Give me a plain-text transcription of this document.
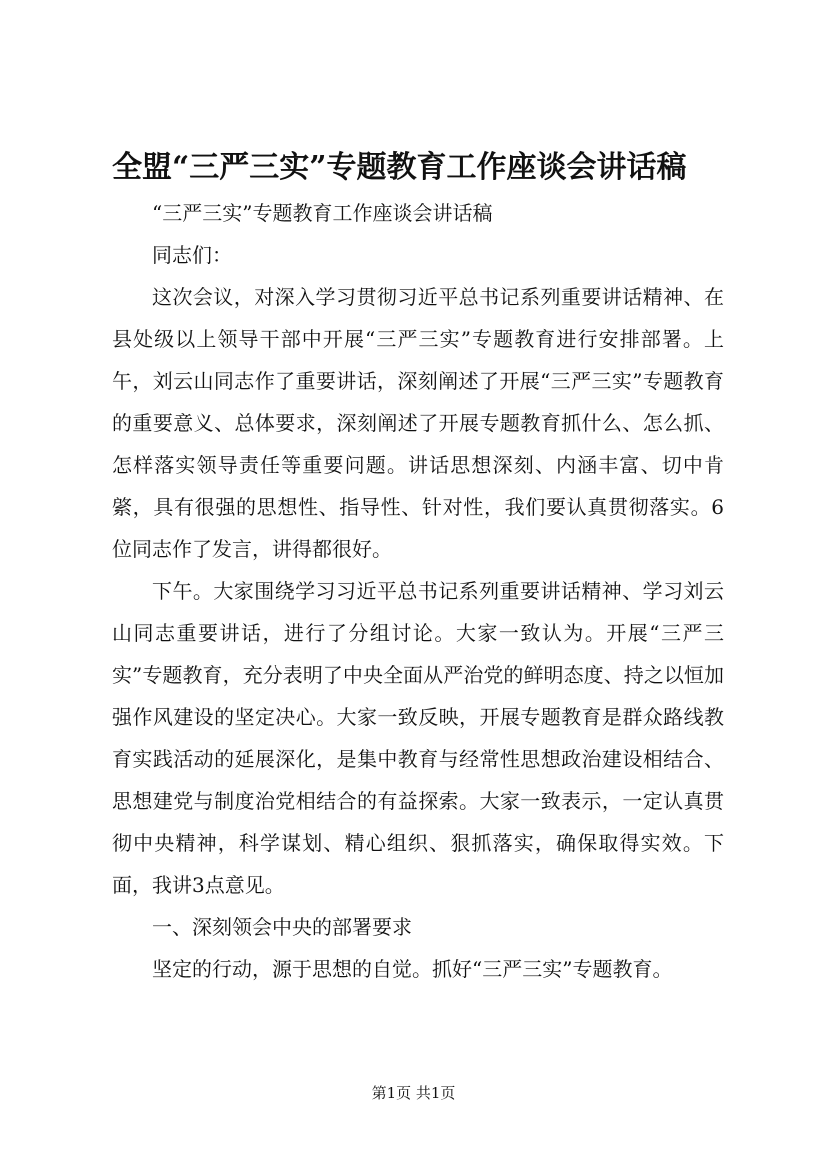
全盟“三严三实”专题教育工作座谈会讲话稿

“三严三实”专题教育工作座谈会讲话稿

同志们：

这次会议，对深入学习贯彻习近平总书记系列重要讲话精神、在县处级以上领导干部中开展“三严三实”专题教育进行安排部署。上午，刘云山同志作了重要讲话，深刻阐述了开展“三严三实”专题教育的重要意义、总体要求，深刻阐述了开展专题教育抓什么、怎么抓、怎样落实领导责任等重要问题。讲话思想深刻、内涵丰富、切中肯綮，具有很强的思想性、指导性、针对性，我们要认真贯彻落实。6位同志作了发言，讲得都很好。

下午。大家围绕学习习近平总书记系列重要讲话精神、学习刘云山同志重要讲话，进行了分组讨论。大家一致认为。开展“三严三实”专题教育，充分表明了中央全面从严治党的鲜明态度、持之以恒加强作风建设的坚定决心。大家一致反映，开展专题教育是群众路线教育实践活动的延展深化，是集中教育与经常性思想政治建设相结合、思想建党与制度治党相结合的有益探索。大家一致表示，一定认真贯彻中央精神，科学谋划、精心组织、狠抓落实，确保取得实效。下面，我讲3点意见。

一、深刻领会中央的部署要求

坚定的行动，源于思想的自觉。抓好“三严三实”专题教育。

第1页 共1页
